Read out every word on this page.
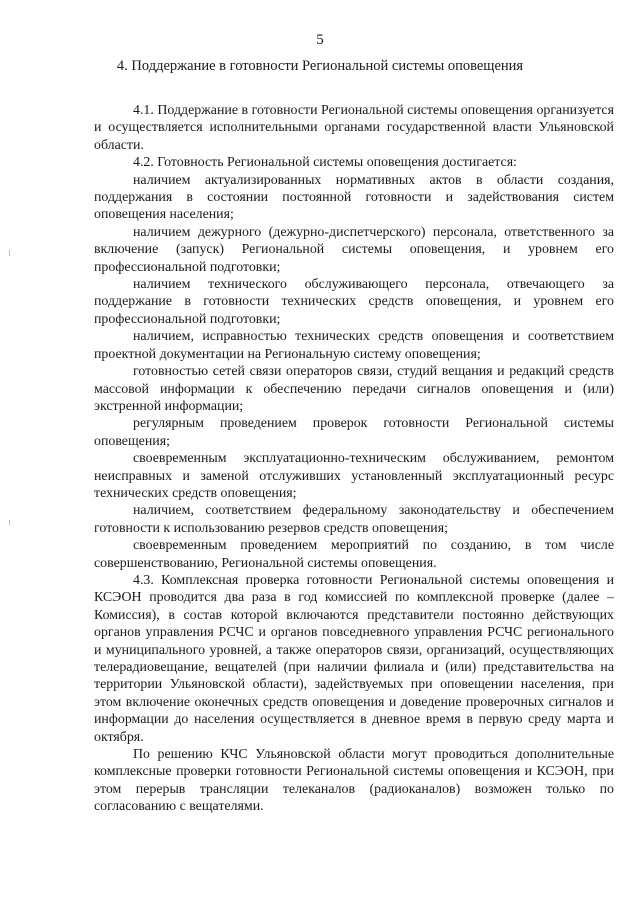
5
4. Поддержание в готовности Региональной системы оповещения

4.1. Поддержание в готовности Региональной системы оповещения организуется и осуществляется исполнительными органами государственной власти Ульяновской области.

4.2. Готовность Региональной системы оповещения достигается:

наличием актуализированных нормативных актов в области создания, поддержания в состоянии постоянной готовности и задействования систем оповещения населения;

наличием дежурного (дежурно-диспетчерского) персонала, ответственного за включение (запуск) Региональной системы оповещения, и уровнем его профессиональной подготовки;

наличием технического обслуживающего персонала, отвечающего за поддержание в готовности технических средств оповещения, и уровнем его профессиональной подготовки;

наличием, исправностью технических средств оповещения и соответствием проектной документации на Региональную систему оповещения;

готовностью сетей связи операторов связи, студий вещания и редакций средств массовой информации к обеспечению передачи сигналов оповещения и (или) экстренной информации;

регулярным проведением проверок готовности Региональной системы оповещения;

своевременным эксплуатационно-техническим обслуживанием, ремонтом неисправных и заменой отслуживших установленный эксплуатационный ресурс технических средств оповещения;

наличием, соответствием федеральному законодательству и обеспечением готовности к использованию резервов средств оповещения;

своевременным проведением мероприятий по созданию, в том числе совершенствованию, Региональной системы оповещения.

4.3. Комплексная проверка готовности Региональной системы оповещения и КСЭОН проводится два раза в год комиссией по комплексной проверке (далее – Комиссия), в состав которой включаются представители постоянно действующих органов управления РСЧС и органов повседневного управления РСЧС регионального и муниципального уровней, а также операторов связи, организаций, осуществляющих телерадиовещание, вещателей (при наличии филиала и (или) представительства на территории Ульяновской области), задействуемых при оповещении населения, при этом включение оконечных средств оповещения и доведение проверочных сигналов и информации до населения осуществляется в дневное время в первую среду марта и октября.

По решению КЧС Ульяновской области могут проводиться дополнительные комплексные проверки готовности Региональной системы оповещения и КСЭОН, при этом перерыв трансляции телеканалов (радиоканалов) возможен только по согласованию с вещателями.
